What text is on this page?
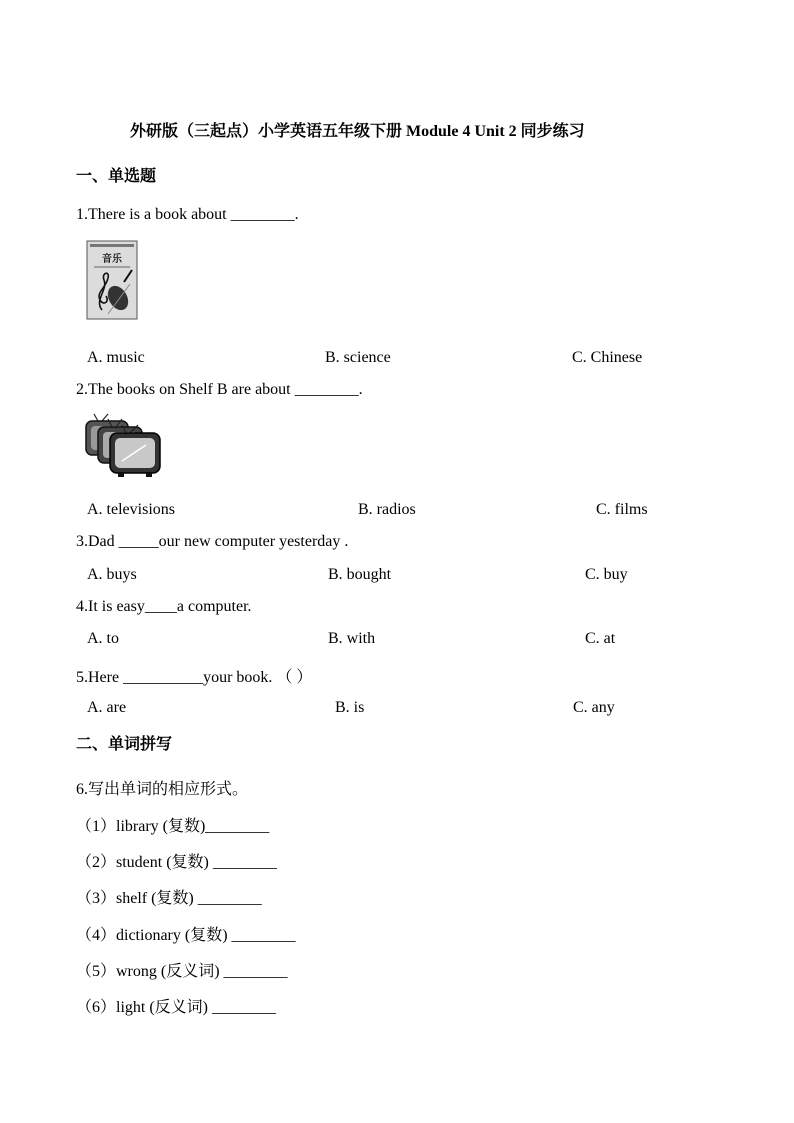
外研版（三起点）小学英语五年级下册 Module 4 Unit 2 同步练习
一、单选题
1.There is a book about ________.
音乐
A. music	B. science	C. Chinese
2.The books on Shelf B are about ________.
A. televisions	B. radios	C. films
3.Dad _____our new computer yesterday .
A. buys	B. bought	C. buy
4.It is easy____a computer.
A. to	B. with	C. at
5.Here __________your book. （ ）
A. are	B. is	C. any
二、单词拼写
6.写出单词的相应形式。
（1）library (复数)________
（2）student (复数) ________
（3）shelf (复数) ________
（4）dictionary (复数) ________
（5）wrong (反义词) ________
（6）light (反义词) ________
